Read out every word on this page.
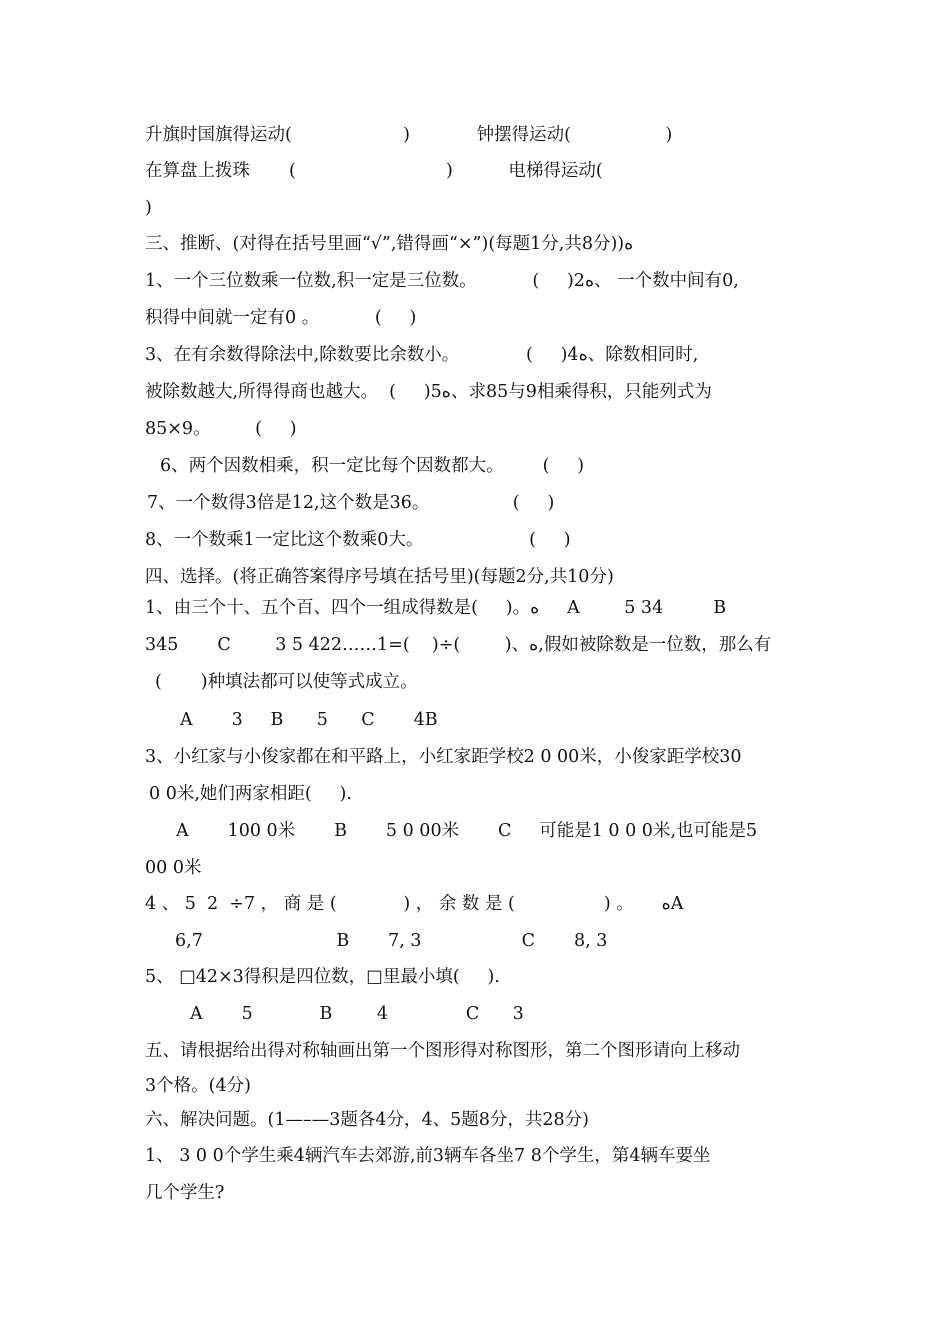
升旗时国旗得运动(                    )            钟摆得运动(                 )

在算盘上拨珠       (                           )          电梯得运动(

)

三、推断、(对得在括号里画“√”,错得画“×”)(每题1分,共8分))ه

1、一个三位数乘一位数,积一定是三位数。          (     )2ه、 一个数中间有0,

积得中间就一定有0 。          (     )

3、在有余数得除法中,除数要比余数小。            (     )4ه、除数相同时,

被除数越大,所得得商也越大。  (     )5ه、求85与9相乘得积，只能列式为

85×9。        (     )

6、两个因数相乘，积一定比每个因数都大。       (     )

7、一个数得3倍是12,这个数是36。               (     )

8、一个数乘1一定比这个数乘0大。                   (     )

四、选择。(将正确答案得序号填在括号里)(每题2分,共10分)

1、由三个十、五个百、四个一组成得数是(     )。ه     A        5 34         B

345       C        3 5 42ه、(        )÷(    )=1……2,假如被除数是一位数，那么有

(       )种填法都可以使等式成立。

A       3     B      5      C       4B

3、小红家与小俊家都在和平路上，小红家距学校2 0 00米，小俊家距学校30

0 0米,她们两家相距(     ).

A       100 0米       B       5 0 00米       C     可能是1 0 0 0米,也可能是5

00 0米

4 、 5  2  ÷7 ， 商 是 (            ) ， 余 数 是 (                ) 。     هA

6,7                        B       7, 3                  C       8, 3

5、 □42×3得积是四位数，□里最小填(     ).

A       5            B        4              C      3

五、请根据给出得对称轴画出第一个图形得对称图形，第二个图形请向上移动

3个格。(4分)

六、解决问题。(1—–—3题各4分，4、5题8分，共28分)

1、 3 0 0个学生乘4辆汽车去郊游,前3辆车各坐7 8个学生，第4辆车要坐

几个学生?
